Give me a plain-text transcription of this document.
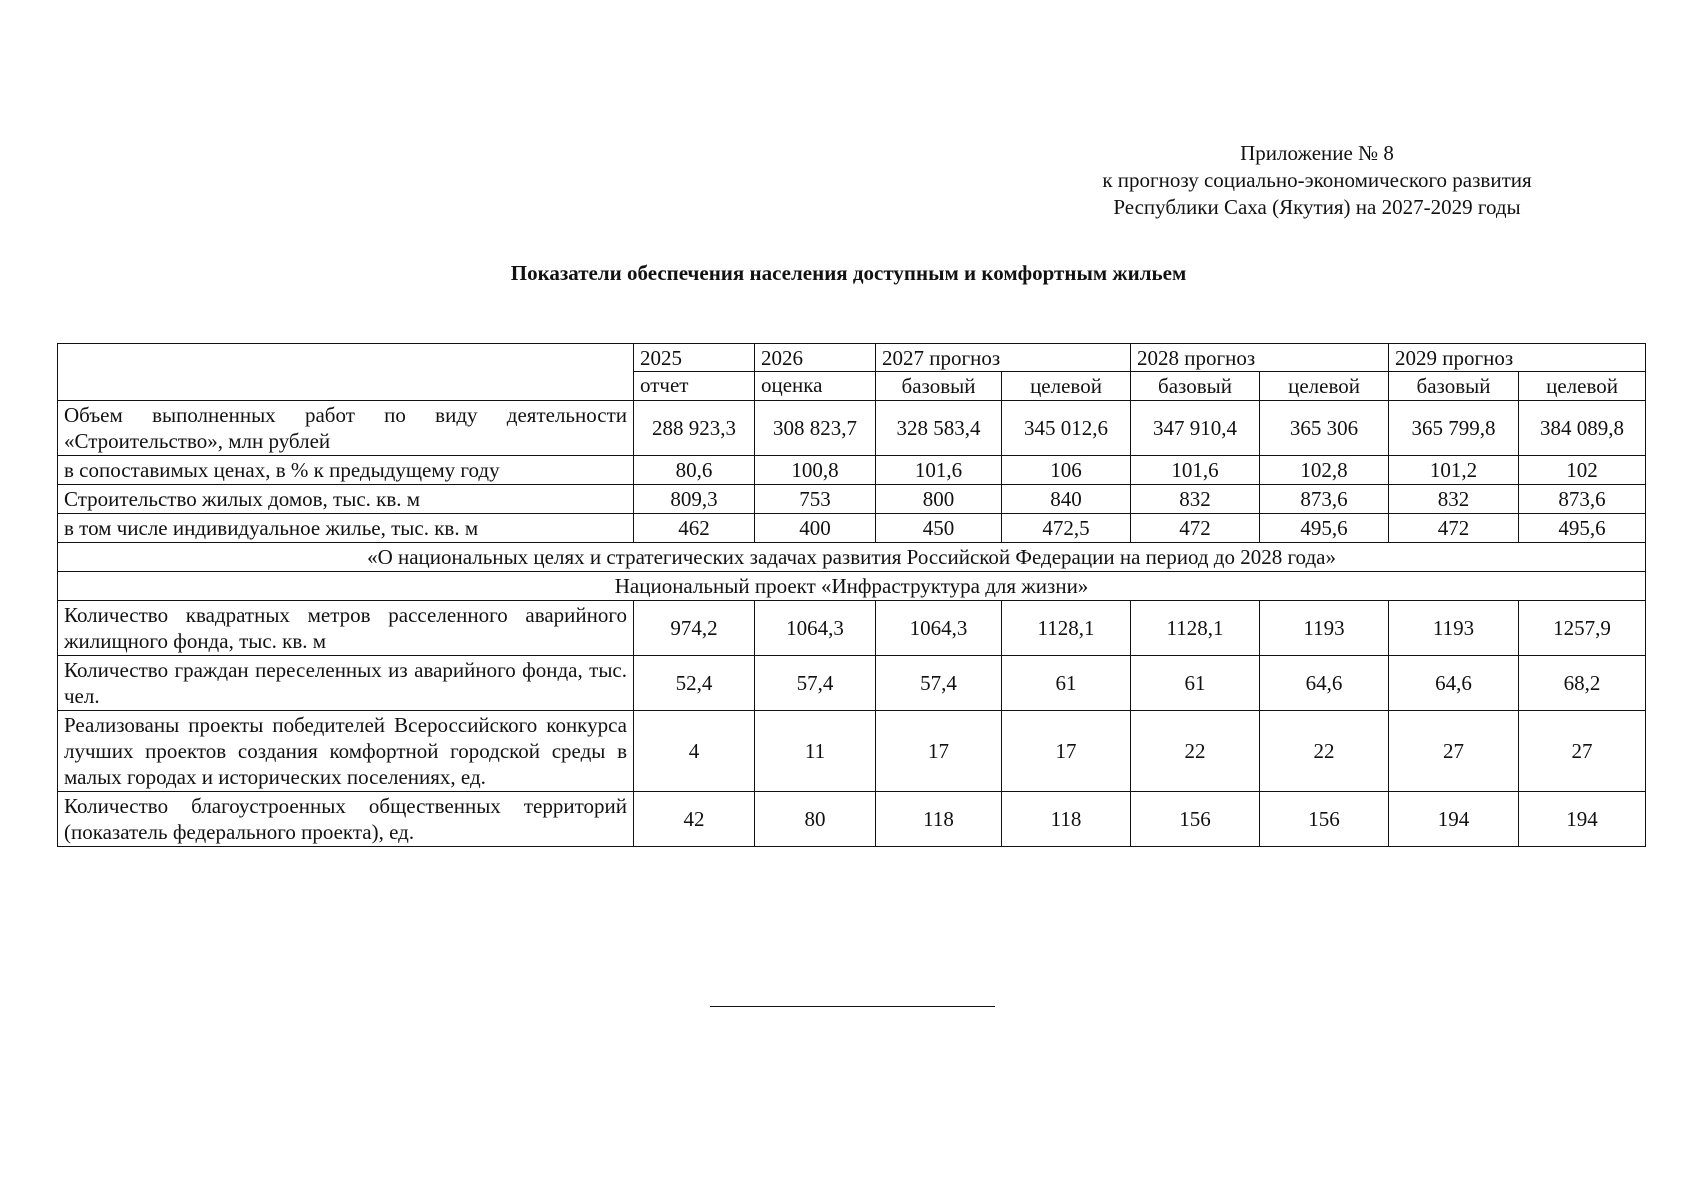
Приложение № 8
к прогнозу социально-экономического развития
Республики Саха (Якутия) на 2027-2029 годы
Показатели обеспечения населения доступным и комфортным жильем
	2025	2026	2027 прогноз		2028 прогноз		2029 прогноз	
	отчет	оценка	базовый	целевой	базовый	целевой	базовый	целевой
Объем выполненных работ по виду деятельности «Строительство», млн рублей	288 923,3	308 823,7	328 583,4	345 012,6	347 910,4	365 306	365 799,8	384 089,8
в сопоставимых ценах, в % к предыдущему году	80,6	100,8	101,6	106	101,6	102,8	101,2	102
Строительство жилых домов, тыс. кв. м	809,3	753	800	840	832	873,6	832	873,6
в том числе индивидуальное жилье, тыс. кв. м	462	400	450	472,5	472	495,6	472	495,6
«О национальных целях и стратегических задачах развития Российской Федерации на период до 2028 года»								
Национальный проект «Инфраструктура для жизни»								
Количество квадратных метров расселенного аварийного жилищного фонда, тыс. кв. м	974,2	1064,3	1064,3	1128,1	1128,1	1193	1193	1257,9
Количество граждан переселенных из аварийного фонда, тыс. чел.	52,4	57,4	57,4	61	61	64,6	64,6	68,2
Реализованы проекты победителей Всероссийского конкурса лучших проектов создания комфортной городской среды в малых городах и исторических поселениях, ед.	4	11	17	17	22	22	27	27
Количество благоустроенных общественных территорий (показатель федерального проекта), ед.	42	80	118	118	156	156	194	194
